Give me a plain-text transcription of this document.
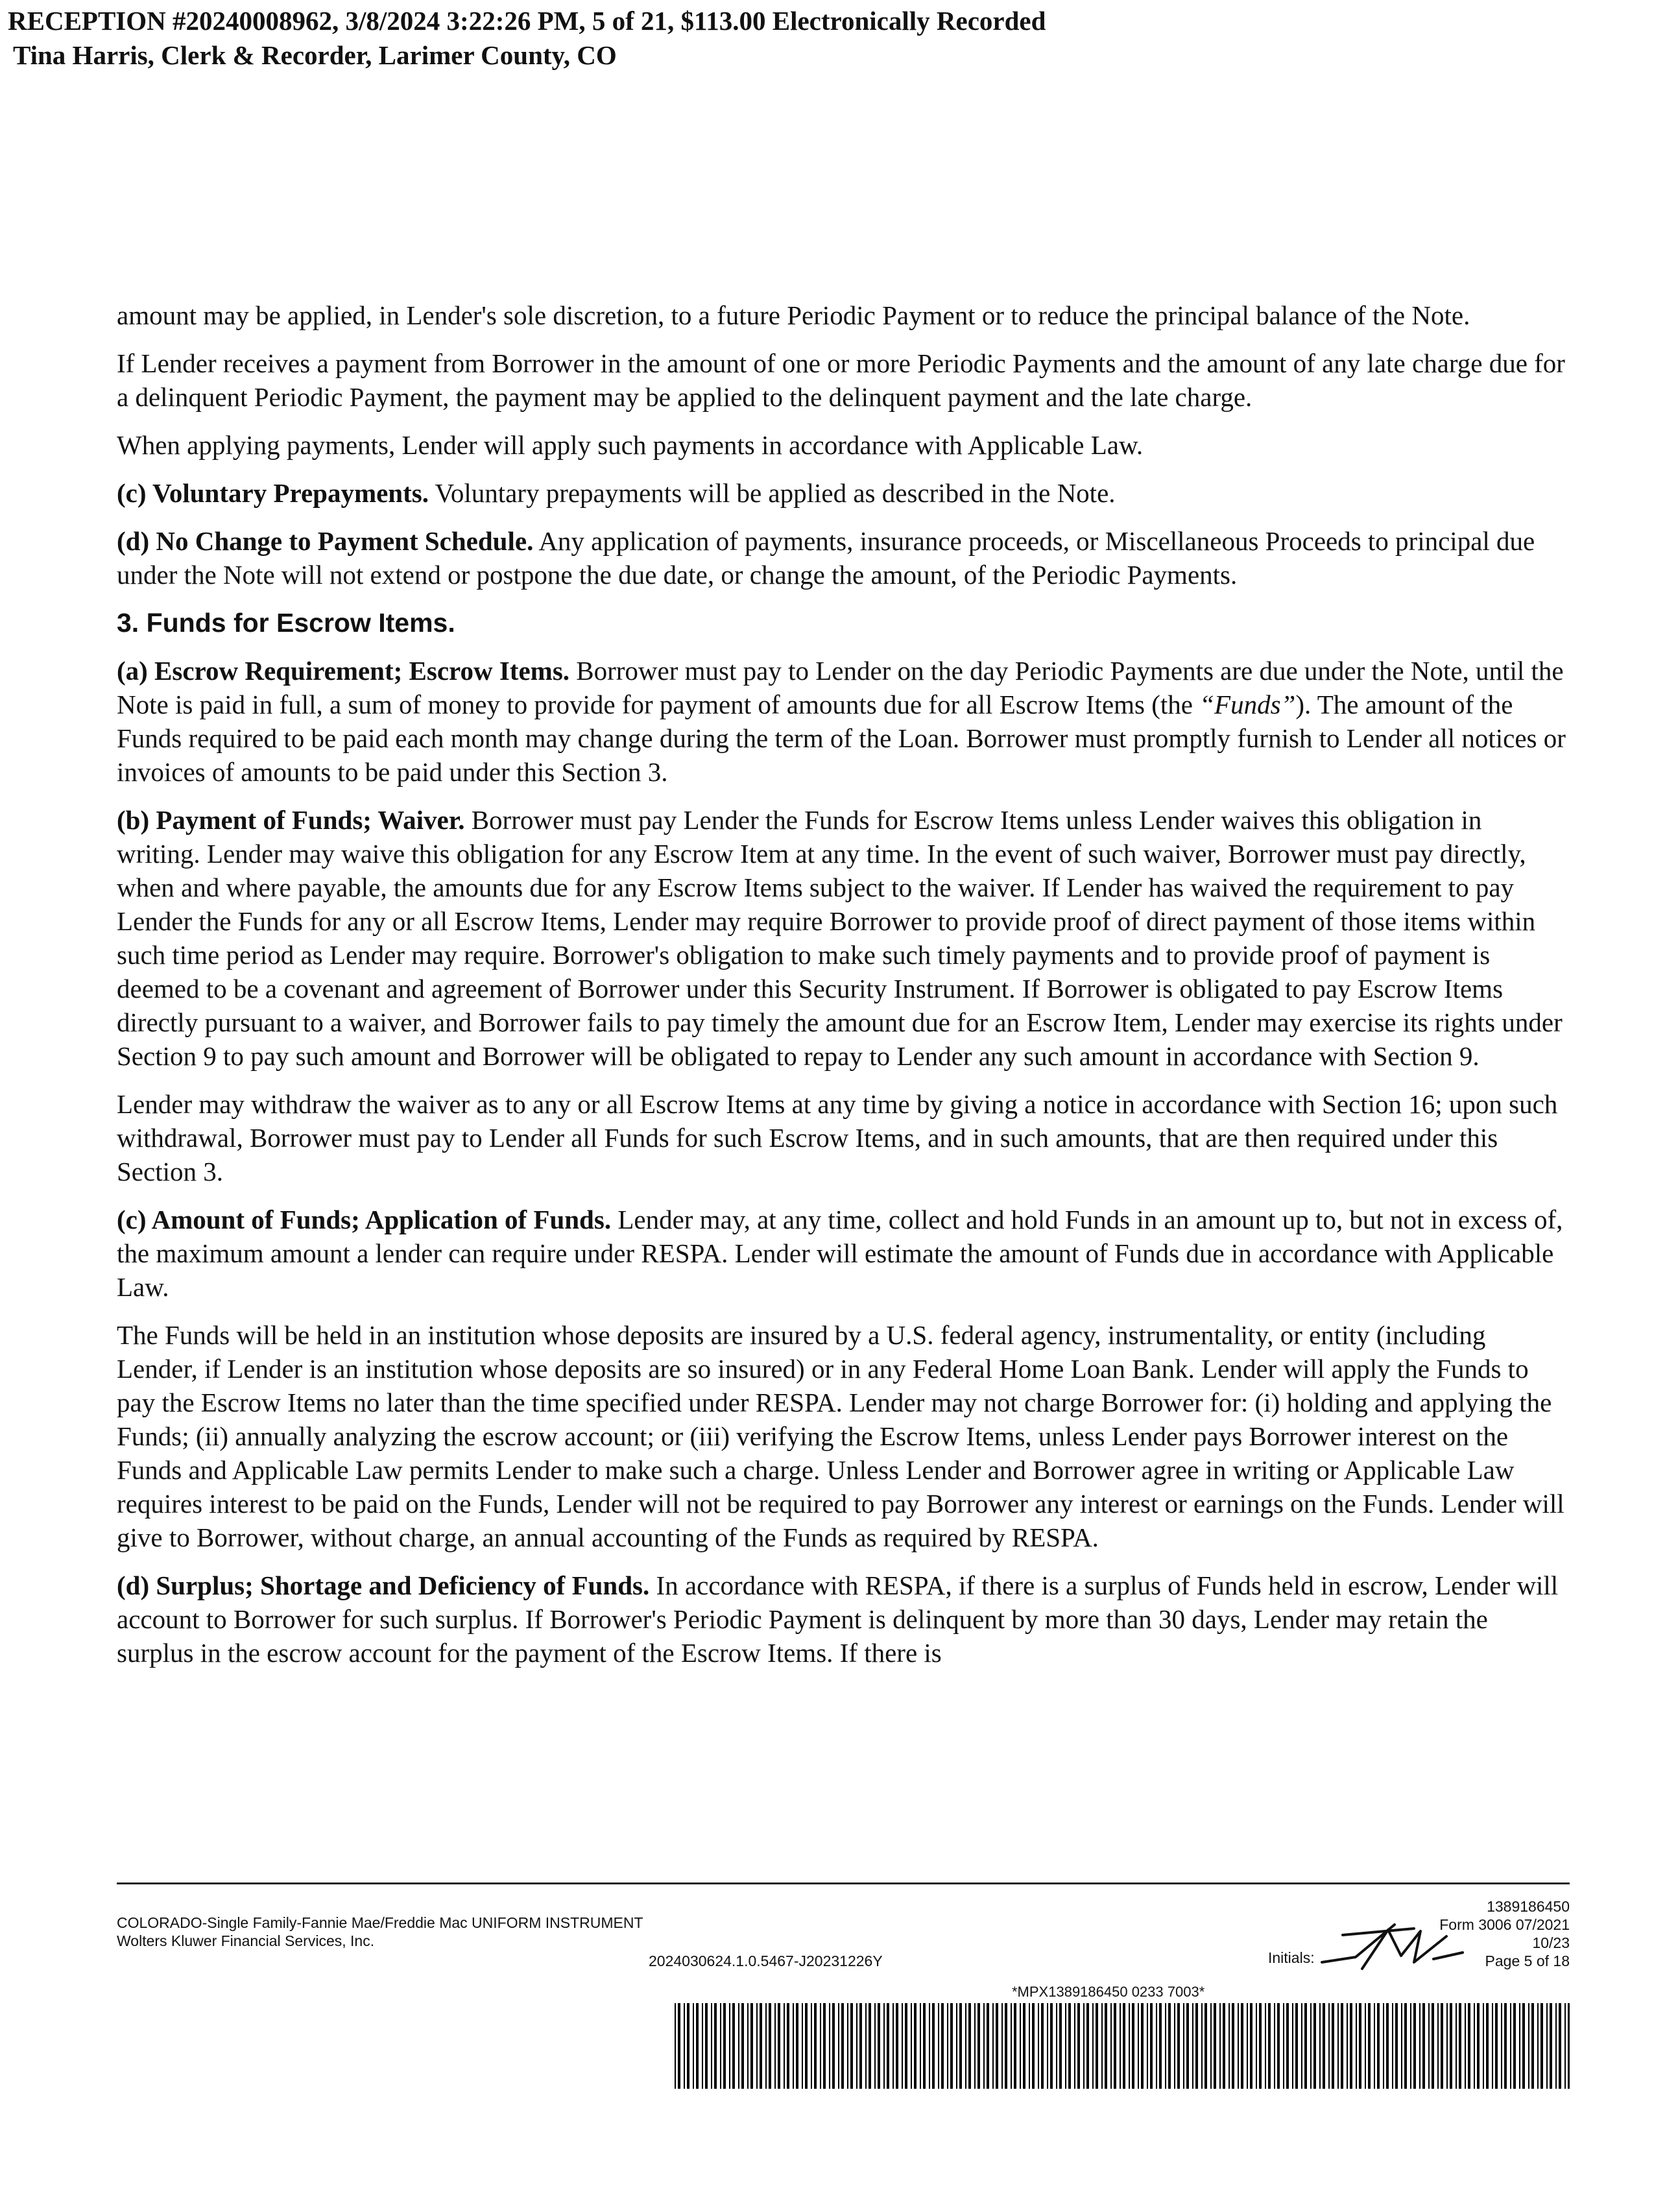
RECEPTION #20240008962, 3/8/2024 3:22:26 PM, 5 of 21, $113.00 Electronically Recorded
Tina Harris, Clerk & Recorder, Larimer County, CO

amount may be applied, in Lender's sole discretion, to a future Periodic Payment or to reduce the principal balance of the Note.

If Lender receives a payment from Borrower in the amount of one or more Periodic Payments and the amount of any late charge due for a delinquent Periodic Payment, the payment may be applied to the delinquent payment and the late charge.

When applying payments, Lender will apply such payments in accordance with Applicable Law.

(c) Voluntary Prepayments. Voluntary prepayments will be applied as described in the Note.

(d) No Change to Payment Schedule. Any application of payments, insurance proceeds, or Miscellaneous Proceeds to principal due under the Note will not extend or postpone the due date, or change the amount, of the Periodic Payments.

3. Funds for Escrow Items.

(a) Escrow Requirement; Escrow Items. Borrower must pay to Lender on the day Periodic Payments are due under the Note, until the Note is paid in full, a sum of money to provide for payment of amounts due for all Escrow Items (the “Funds”). The amount of the Funds required to be paid each month may change during the term of the Loan. Borrower must promptly furnish to Lender all notices or invoices of amounts to be paid under this Section 3.

(b) Payment of Funds; Waiver. Borrower must pay Lender the Funds for Escrow Items unless Lender waives this obligation in writing. Lender may waive this obligation for any Escrow Item at any time. In the event of such waiver, Borrower must pay directly, when and where payable, the amounts due for any Escrow Items subject to the waiver. If Lender has waived the requirement to pay Lender the Funds for any or all Escrow Items, Lender may require Borrower to provide proof of direct payment of those items within such time period as Lender may require. Borrower's obligation to make such timely payments and to provide proof of payment is deemed to be a covenant and agreement of Borrower under this Security Instrument. If Borrower is obligated to pay Escrow Items directly pursuant to a waiver, and Borrower fails to pay timely the amount due for an Escrow Item, Lender may exercise its rights under Section 9 to pay such amount and Borrower will be obligated to repay to Lender any such amount in accordance with Section 9.

Lender may withdraw the waiver as to any or all Escrow Items at any time by giving a notice in accordance with Section 16; upon such withdrawal, Borrower must pay to Lender all Funds for such Escrow Items, and in such amounts, that are then required under this Section 3.

(c) Amount of Funds; Application of Funds. Lender may, at any time, collect and hold Funds in an amount up to, but not in excess of, the maximum amount a lender can require under RESPA. Lender will estimate the amount of Funds due in accordance with Applicable Law.

The Funds will be held in an institution whose deposits are insured by a U.S. federal agency, instrumentality, or entity (including Lender, if Lender is an institution whose deposits are so insured) or in any Federal Home Loan Bank. Lender will apply the Funds to pay the Escrow Items no later than the time specified under RESPA. Lender may not charge Borrower for: (i) holding and applying the Funds; (ii) annually analyzing the escrow account; or (iii) verifying the Escrow Items, unless Lender pays Borrower interest on the Funds and Applicable Law permits Lender to make such a charge. Unless Lender and Borrower agree in writing or Applicable Law requires interest to be paid on the Funds, Lender will not be required to pay Borrower any interest or earnings on the Funds. Lender will give to Borrower, without charge, an annual accounting of the Funds as required by RESPA.

(d) Surplus; Shortage and Deficiency of Funds. In accordance with RESPA, if there is a surplus of Funds held in escrow, Lender will account to Borrower for such surplus. If Borrower's Periodic Payment is delinquent by more than 30 days, Lender may retain the surplus in the escrow account for the payment of the Escrow Items. If there is

COLORADO-Single Family-Fannie Mae/Freddie Mac UNIFORM INSTRUMENT
Wolters Kluwer Financial Services, Inc.
2024030624.1.0.5467-J20231226Y
1389186450
Form 3006 07/2021
10/23
Page 5 of 18
Initials:
*MPX1389186450 0233 7003*
